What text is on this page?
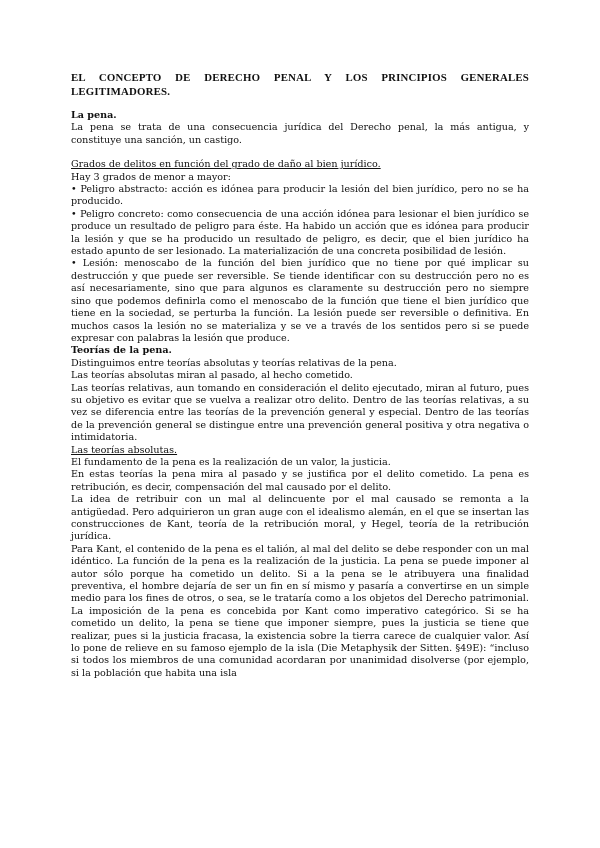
EL CONCEPTO DE DERECHO PENAL Y LOS PRINCIPIOS GENERALES LEGITIMADORES.
La pena.
La pena se trata de una consecuencia jurídica del Derecho penal, la más antigua, y constituye una sanción, un castigo.
Grados de delitos en función del grado de daño al bien jurídico.
Hay 3 grados de menor a mayor:
• Peligro abstracto: acción es idónea para producir la lesión del bien jurídico, pero no se ha producido.
• Peligro concreto: como consecuencia de una acción idónea para lesionar el bien jurídico se produce un resultado de peligro para éste. Ha habido un acción que es idónea para producir la lesión y que se ha producido un resultado de peligro, es decir, que el bien jurídico ha estado apunto de ser lesionado. La materialización de una concreta posibilidad de lesión.
• Lesión: menoscabo de la función del bien jurídico que no tiene por qué implicar su destrucción y que puede ser reversible. Se tiende identificar con su destrucción pero no es así necesariamente, sino que para algunos es claramente su destrucción pero no siempre sino que podemos definirla como el menoscabo de la función que tiene el bien jurídico que tiene en la sociedad, se perturba la función. La lesión puede ser reversible o definitiva. En muchos casos la lesión no se materializa y se ve a través de los sentidos pero si se puede expresar con palabras la lesión que produce.
Teorías de la pena.
Distinguimos entre teorías absolutas y teorías relativas de la pena.
Las teorías absolutas miran al pasado, al hecho cometido.
Las teorías relativas, aun tomando en consideración el delito ejecutado, miran al futuro, pues su objetivo es evitar que se vuelva a realizar otro delito. Dentro de las teorías relativas, a su vez se diferencia entre las teorías de la prevención general y especial. Dentro de las teorías de la prevención general se distingue entre una prevención general positiva y otra negativa o intimidatoria.
Las teorías absolutas.
El fundamento de la pena es la realización de un valor, la justicia.
En estas teorías la pena mira al pasado y se justifica por el delito cometido. La pena es retribución, es decir, compensación del mal causado por el delito.
La idea de retribuir con un mal al delincuente por el mal causado se remonta a la antigüedad. Pero adquirieron un gran auge con el idealismo alemán, en el que se insertan las construcciones de Kant, teoría de la retribución moral, y Hegel, teoría de la retribución jurídica.
Para Kant, el contenido de la pena es el talión, al mal del delito se debe responder con un mal idéntico. La función de la pena es la realización de la justicia. La pena se puede imponer al autor sólo porque ha cometido un delito. Si a la pena se le atribuyera una finalidad preventiva, el hombre dejaría de ser un fin en sí mismo y pasaría a convertirse en un simple medio para los fines de otros, o sea, se le trataría como a los objetos del Derecho patrimonial.
La imposición de la pena es concebida por Kant como imperativo categórico. Si se ha cometido un delito, la pena se tiene que imponer siempre, pues la justicia se tiene que realizar, pues si la justicia fracasa, la existencia sobre la tierra carece de cualquier valor. Así lo pone de relieve en su famoso ejemplo de la isla (Die Metaphysik der Sitten. §49E): “incluso si todos los miembros de una comunidad acordaran por unanimidad disolverse (por ejemplo, si la población que habita una isla
